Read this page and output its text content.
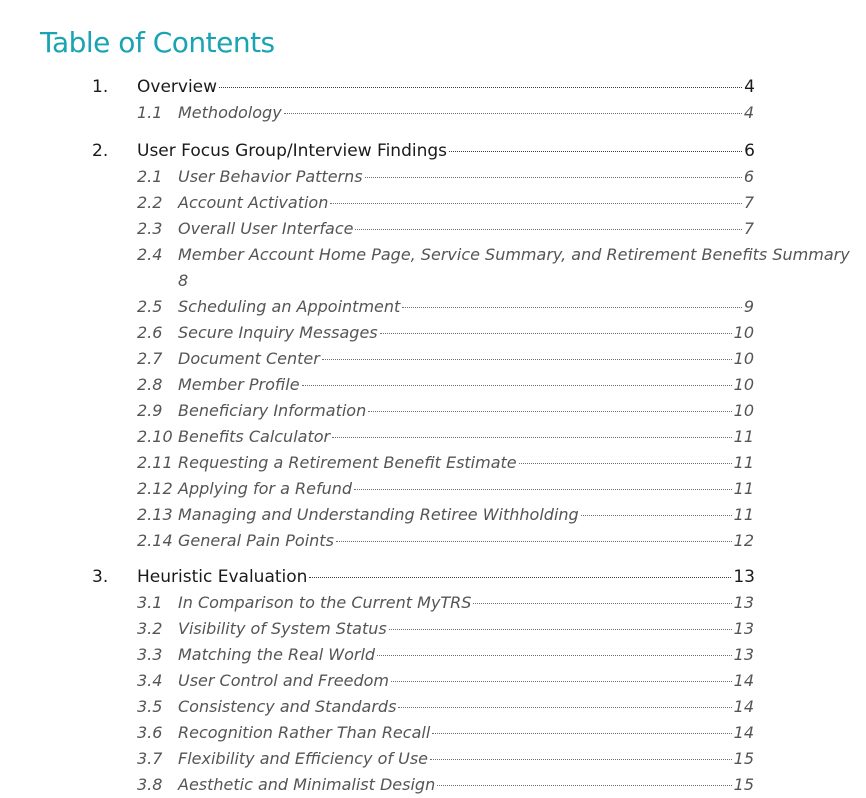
Table of Contents
1. Overview	4
1.1 Methodology	4
2. User Focus Group/Interview Findings	6
2.1 User Behavior Patterns	6
2.2 Account Activation	7
2.3 Overall User Interface	7
2.4 Member Account Home Page, Service Summary, and Retirement Benefits Summary
8
2.5 Scheduling an Appointment	9
2.6 Secure Inquiry Messages	10
2.7 Document Center	10
2.8 Member Profile	10
2.9 Beneficiary Information	10
2.10 Benefits Calculator	11
2.11 Requesting a Retirement Benefit Estimate	11
2.12 Applying for a Refund	11
2.13 Managing and Understanding Retiree Withholding	11
2.14 General Pain Points	12
3. Heuristic Evaluation	13
3.1 In Comparison to the Current MyTRS	13
3.2 Visibility of System Status	13
3.3 Matching the Real World	13
3.4 User Control and Freedom	14
3.5 Consistency and Standards	14
3.6 Recognition Rather Than Recall	14
3.7 Flexibility and Efficiency of Use	15
3.8 Aesthetic and Minimalist Design	15
